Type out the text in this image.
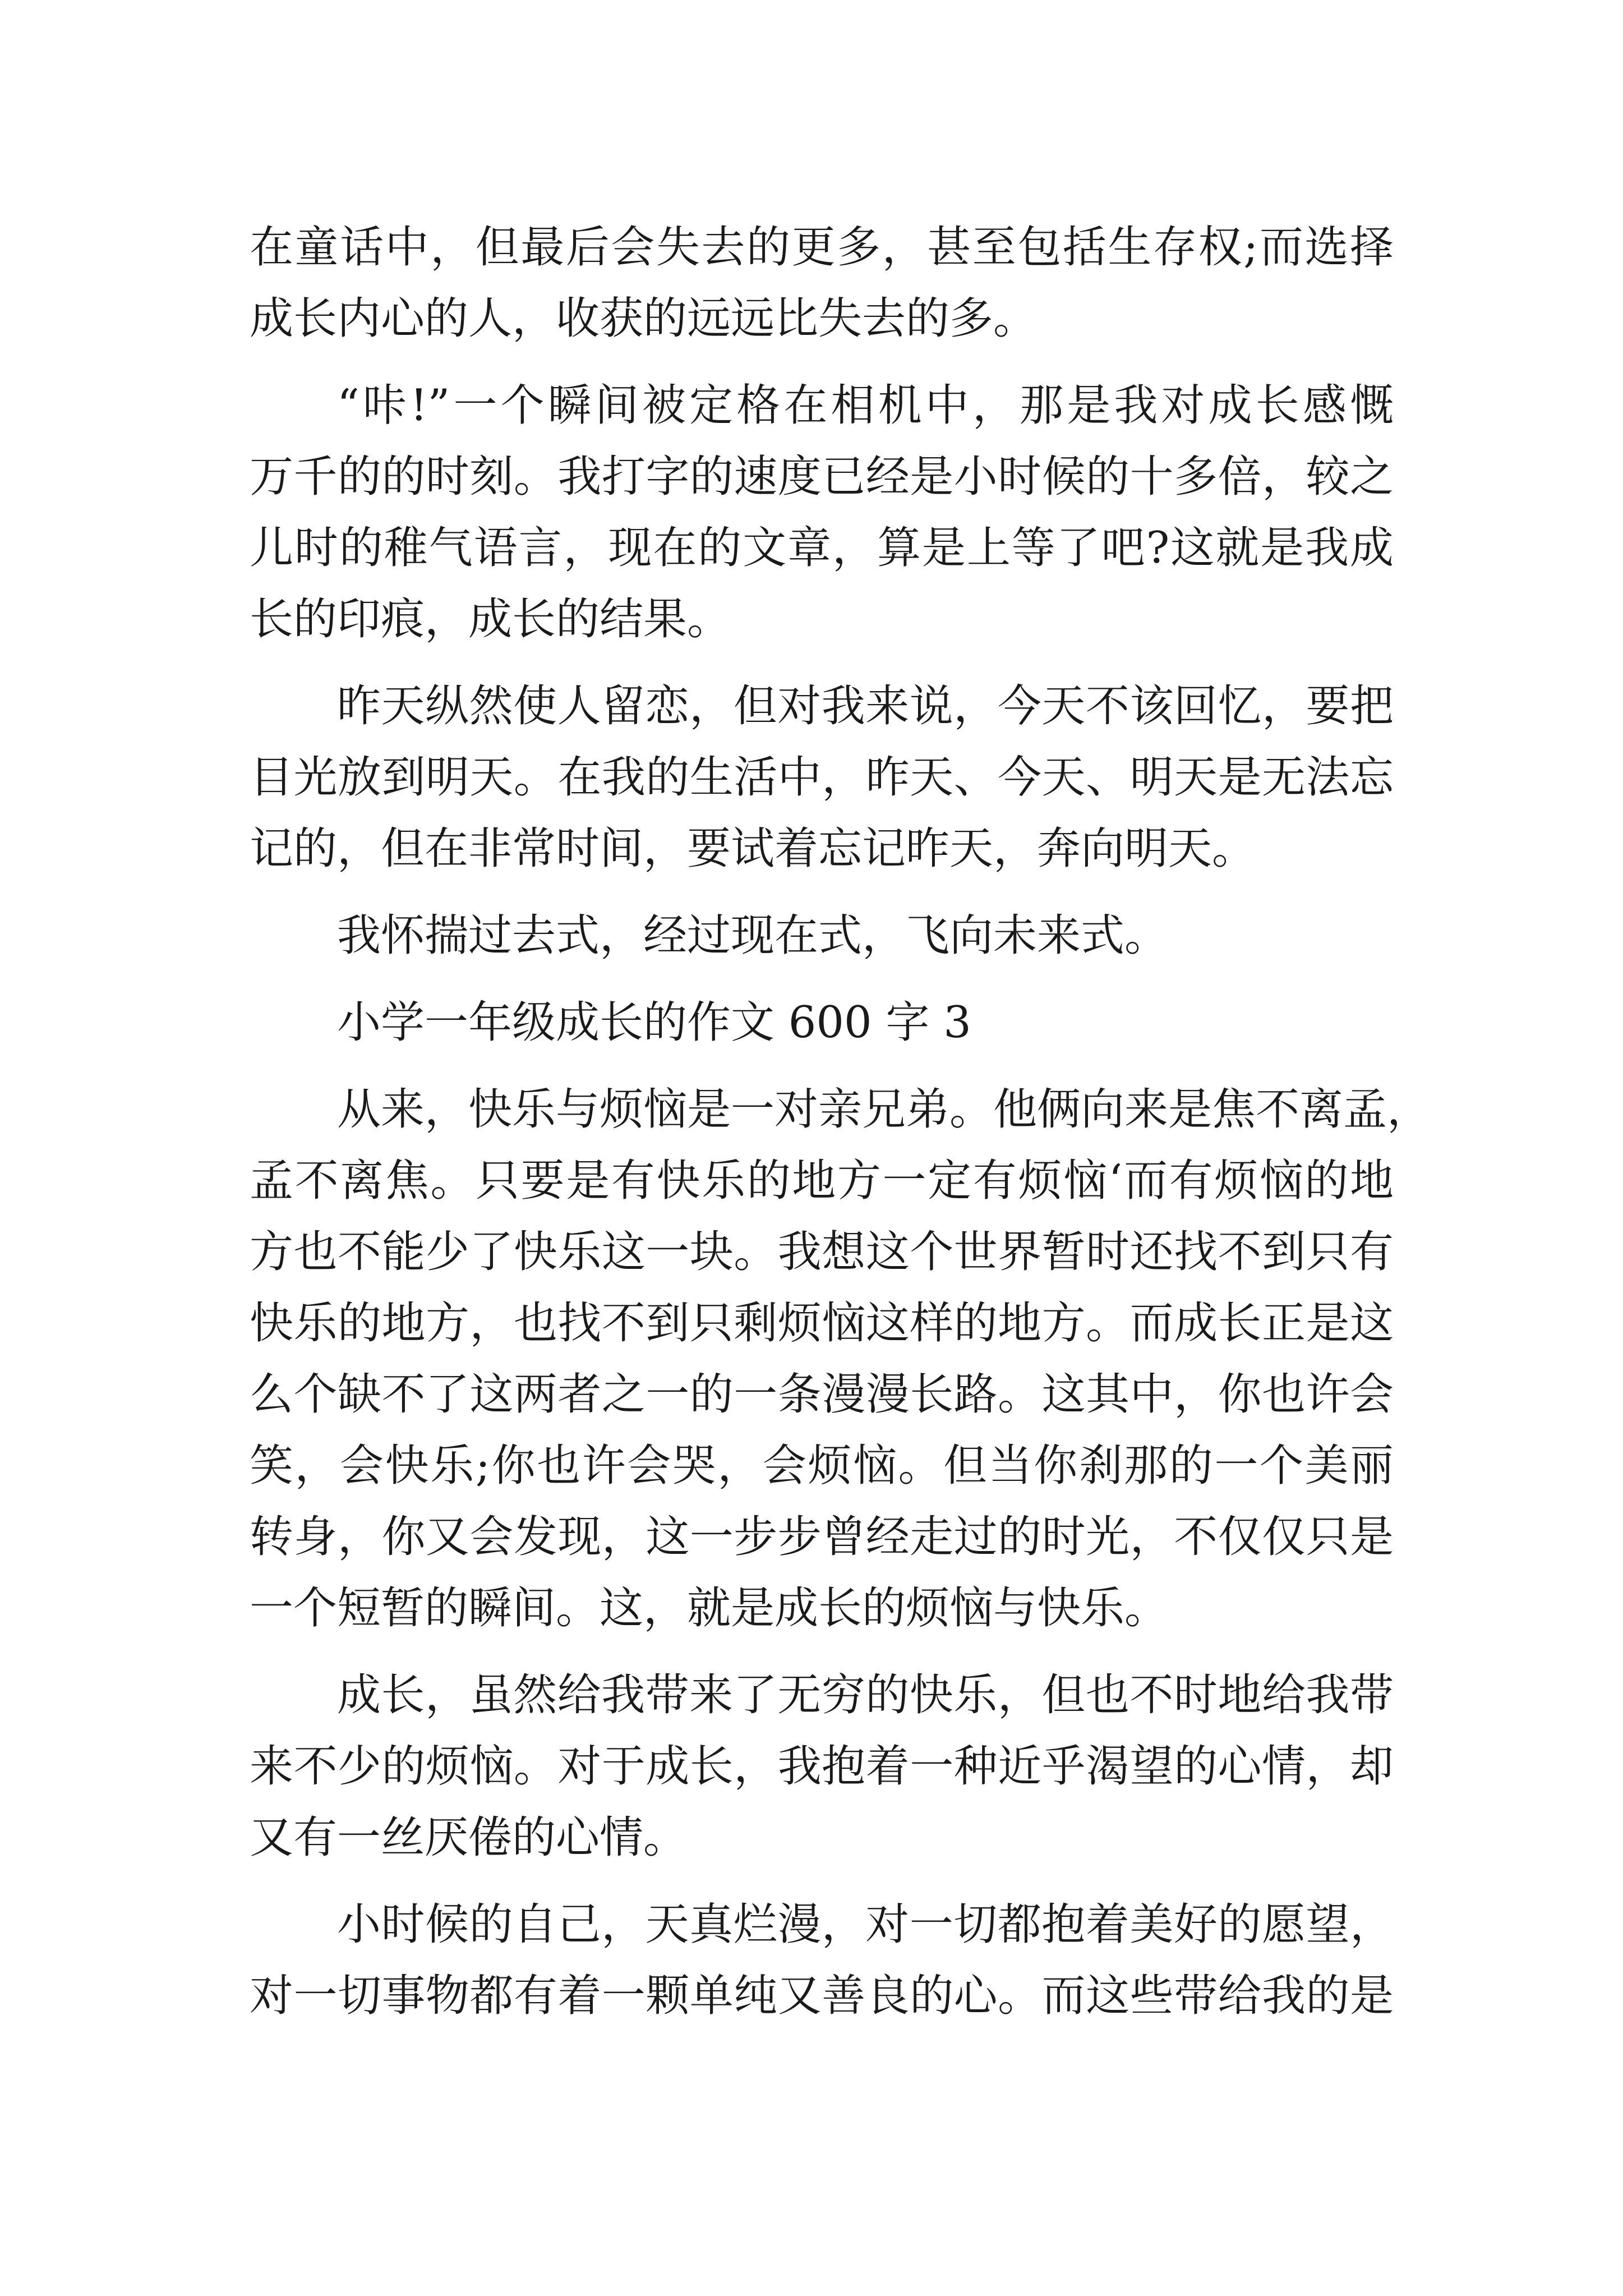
在童话中，但最后会失去的更多，甚至包括生存权;而选择
成长内心的人，收获的远远比失去的多。
“咔!”一个瞬间被定格在相机中，那是我对成长感慨
万千的的时刻。我打字的速度已经是小时候的十多倍，较之
儿时的稚气语言，现在的文章，算是上等了吧?这就是我成
长的印痕，成长的结果。
昨天纵然使人留恋，但对我来说，今天不该回忆，要把
目光放到明天。在我的生活中，昨天、今天、明天是无法忘
记的，但在非常时间，要试着忘记昨天，奔向明天。
我怀揣过去式，经过现在式，飞向未来式。
小学一年级成长的作文 600 字 3
从来，快乐与烦恼是一对亲兄弟。他俩向来是焦不离孟，
孟不离焦。只要是有快乐的地方一定有烦恼‘而有烦恼的地
方也不能少了快乐这一块。我想这个世界暂时还找不到只有
快乐的地方，也找不到只剩烦恼这样的地方。而成长正是这
么个缺不了这两者之一的一条漫漫长路。这其中，你也许会
笑，会快乐;你也许会哭，会烦恼。但当你刹那的一个美丽
转身，你又会发现，这一步步曾经走过的时光，不仅仅只是
一个短暂的瞬间。这，就是成长的烦恼与快乐。
成长，虽然给我带来了无穷的快乐，但也不时地给我带
来不少的烦恼。对于成长，我抱着一种近乎渴望的心情，却
又有一丝厌倦的心情。
小时候的自己，天真烂漫，对一切都抱着美好的愿望，
对一切事物都有着一颗单纯又善良的心。而这些带给我的是
